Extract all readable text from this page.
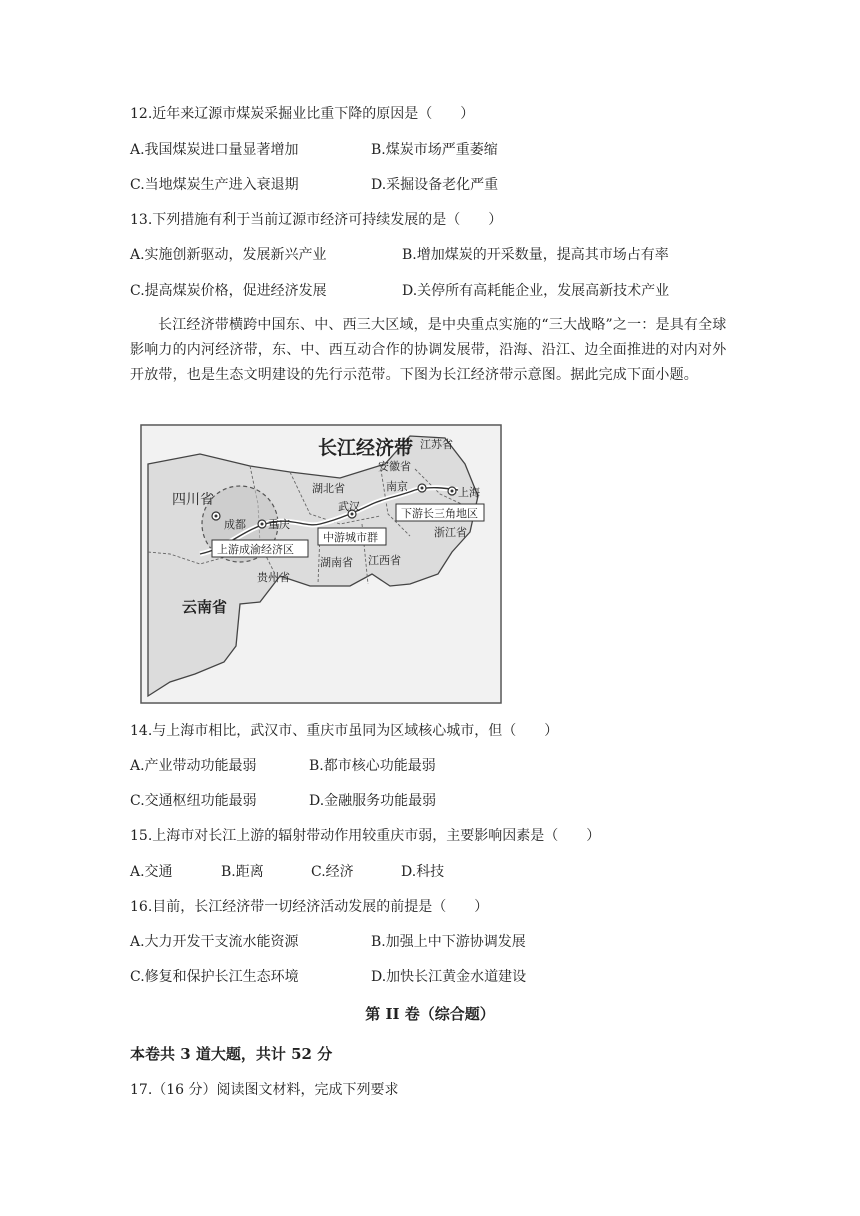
12.近年来辽源市煤炭采掘业比重下降的原因是（　　）
A.我国煤炭进口量显著增加	B.煤炭市场严重萎缩
C.当地煤炭生产进入衰退期	D.采掘设备老化严重
13.下列措施有利于当前辽源市经济可持续发展的是（　　）
A.实施创新驱动，发展新兴产业	B.增加煤炭的开采数量，提高其市场占有率
C.提高煤炭价格，促进经济发展	D.关停所有高耗能企业，发展高新技术产业
长江经济带横跨中国东、中、西三大区域，是中央重点实施的“三大战略”之一：是具有全球影响力的内河经济带，东、中、西互动合作的协调发展带，沿海、沿江、边全面推进的对内对外开放带，也是生态文明建设的先行示范带。下图为长江经济带示意图。据此完成下面小题。
长江经济带
四川省
云南省
贵州省
湖北省
湖南省 江西省
安徽省
江苏省
浙江省
成都 重庆
武汉
南京	上海
上游成渝经济区
中游城市群
下游长三角地区
14.与上海市相比，武汉市、重庆市虽同为区域核心城市，但（　　）
A.产业带动功能最弱	B.都市核心功能最弱
C.交通枢纽功能最弱	D.金融服务功能最弱
15.上海市对长江上游的辐射带动作用较重庆市弱，主要影响因素是（　　）
A.交通	B.距离	C.经济	D.科技
16.目前，长江经济带一切经济活动发展的前提是（　　）
A.大力开发干支流水能资源	B.加强上中下游协调发展
C.修复和保护长江生态环境	D.加快长江黄金水道建设
第 II 卷（综合题）
本卷共 3 道大题，共计 52 分
17.（16 分）阅读图文材料，完成下列要求
